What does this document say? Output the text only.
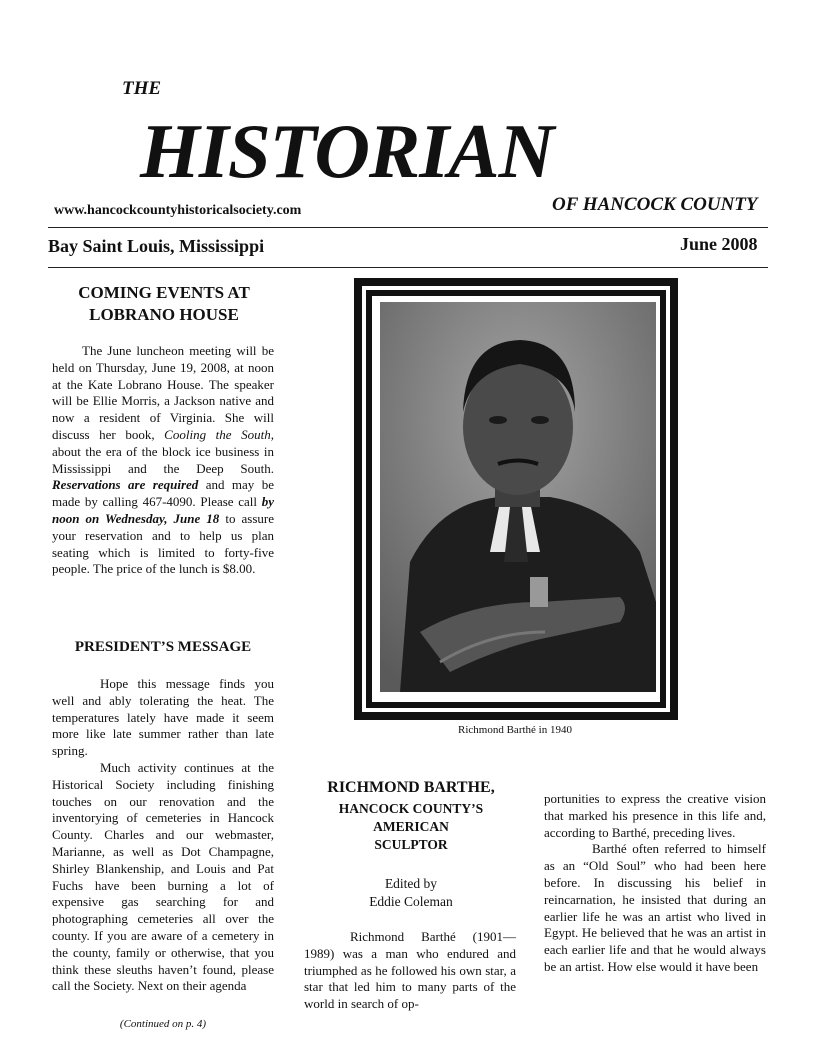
THE
HISTORIAN
www.hancockcountyhistoricalsociety.com	OF HANCOCK COUNTY
Bay Saint Louis, Mississippi	June 2008
COMING EVENTS AT
LOBRANO HOUSE

The June luncheon meeting will be held on Thursday, June 19, 2008, at noon at the Kate Lobrano House. The speaker will be Ellie Morris, a Jackson native and now a resident of Virginia. She will discuss her book, Cooling the South, about the era of the block ice business in Mississippi and the Deep South. Reservations are required and may be made by calling 467-4090. Please call by noon on Wednesday, June 18 to assure your reservation and to help us plan seating which is limited to forty-five people. The price of the lunch is $8.00.

PRESIDENT’S MESSAGE

Hope this message finds you well and ably tolerating the heat. The temperatures lately have made it seem more like late summer rather than late spring.

Much activity continues at the Historical Society including finishing touches on our renovation and the inventorying of cemeteries in Hancock County. Charles and our webmaster, Marianne, as well as Dot Champagne, Shirley Blankenship, and Louis and Pat Fuchs have been burning a lot of expensive gas searching for and photographing cemeteries all over the county. If you are aware of a cemetery in the county, family or otherwise, that you think these sleuths haven’t found, please call the Society. Next on their agenda

(Continued on p. 4)
Richmond Barthé in 1940
RICHMOND BARTHE,
HANCOCK COUNTY’S
AMERICAN
SCULPTOR
Edited by
Eddie Coleman

Richmond Barthé (1901—1989) was a man who endured and triumphed as he followed his own star, a star that led him to many parts of the world in search of op-

portunities to express the creative vision that marked his presence in this life and, according to Barthé, preceding lives.

Barthé often referred to himself as an “Old Soul” who had been here before. In discussing his belief in reincarnation, he insisted that during an earlier life he was an artist who lived in Egypt. He believed that he was an artist in each earlier life and that he would always be an artist. How else would it have been
